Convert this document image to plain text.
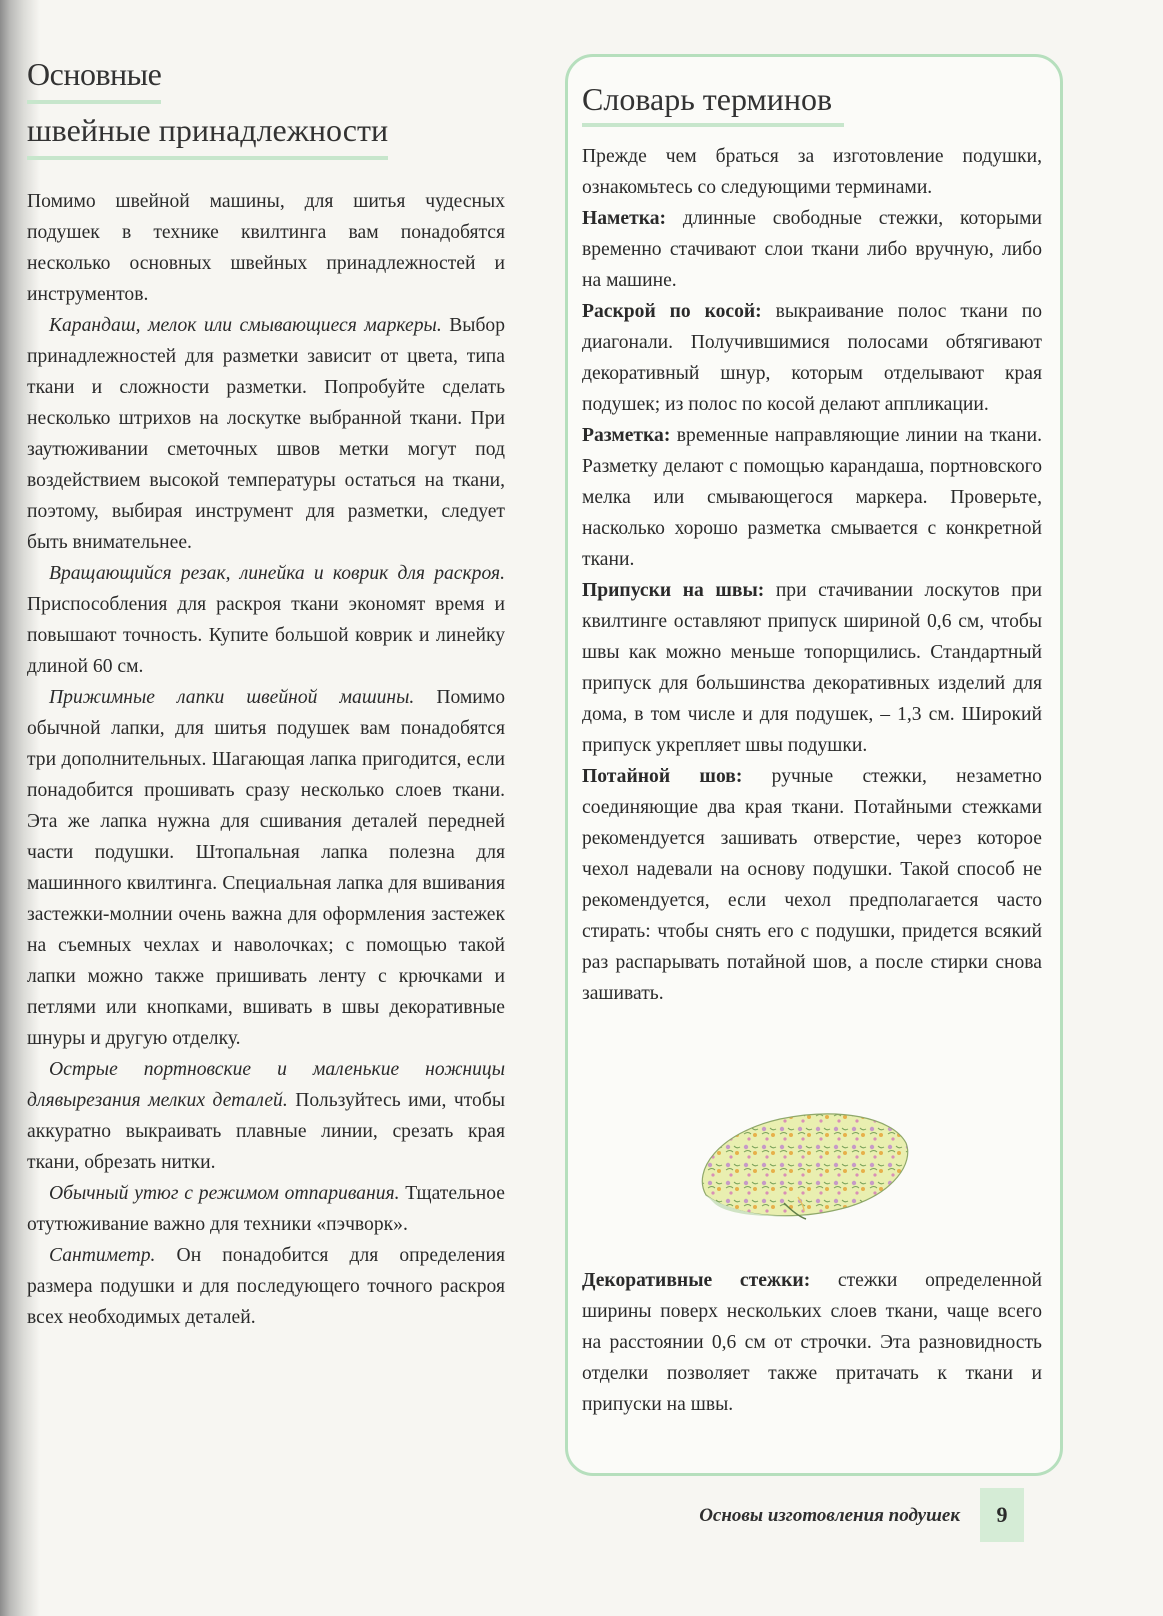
Основные
швейные принадлежности

Помимо швейной машины, для шитья чудесных подушек в технике квилтинга вам понадобятся несколько основных швейных принадлежностей и инструментов.

Карандаш, мелок или смывающиеся маркеры. Выбор принадлежностей для разметки зависит от цвета, типа ткани и сложности разметки. Попробуйте сделать несколько штрихов на лоскутке выбранной ткани. При заутюживании сметочных швов метки могут под воздействием высокой температуры остаться на ткани, поэтому, выбирая инструмент для разметки, следует быть внимательнее.

Вращающийся резак, линейка и коврик для раскроя. Приспособления для раскроя ткани экономят время и повышают точность. Купите большой коврик и линейку длиной 60 см.

Прижимные лапки швейной машины. Помимо обычной лапки, для шитья подушек вам понадобятся три дополнительных. Шагающая лапка пригодится, если понадобится прошивать сразу несколько слоев ткани. Эта же лапка нужна для сшивания деталей передней части подушки. Штопальная лапка полезна для машинного квилтинга. Специальная лапка для вшивания застежки-молнии очень важна для оформления застежек на съемных чехлах и наволочках; с помощью такой лапки можно также пришивать ленту с крючками и петлями или кнопками, вшивать в швы декоративные шнуры и другую отделку.

Острые портновские и маленькие ножницы длявырезания мелких деталей. Пользуйтесь ими, чтобы аккуратно выкраивать плавные линии, срезать края ткани, обрезать нитки.

Обычный утюг с режимом отпаривания. Тщательное отутюживание важно для техники «пэчворк».

Сантиметр. Он понадобится для определения размера подушки и для последующего точного раскроя всех необходимых деталей.

Словарь терминов

Прежде чем браться за изготовление подушки, ознакомьтесь со следующими терминами.

Наметка: длинные свободные стежки, которыми временно стачивают слои ткани либо вручную, либо на машине.

Раскрой по косой: выкраивание полос ткани по диагонали. Получившимися полосами обтягивают декоративный шнур, которым отделывают края подушек; из полос по косой делают аппликации.

Разметка: временные направляющие линии на ткани. Разметку делают с помощью карандаша, портновского мелка или смывающегося маркера. Проверьте, насколько хорошо разметка смывается с конкретной ткани.

Припуски на швы: при стачивании лоскутов при квилтинге оставляют припуск шириной 0,6 см, чтобы швы как можно меньше топорщились. Стандартный припуск для большинства декоративных изделий для дома, в том числе и для подушек, – 1,3 см. Широкий припуск укрепляет швы подушки.

Потайной шов: ручные стежки, незаметно соединяющие два края ткани. Потайными стежками рекомендуется зашивать отверстие, через которое чехол надевали на основу подушки. Такой способ не рекомендуется, если чехол предполагается часто стирать: чтобы снять его с подушки, придется всякий раз распарывать потайной шов, а после стирки снова зашивать.

Декоративные стежки: стежки определенной ширины поверх нескольких слоев ткани, чаще всего на расстоянии 0,6 см от строчки. Эта разновидность отделки позволяет также притачать к ткани и припуски на швы.

Основы изготовления подушек	9
